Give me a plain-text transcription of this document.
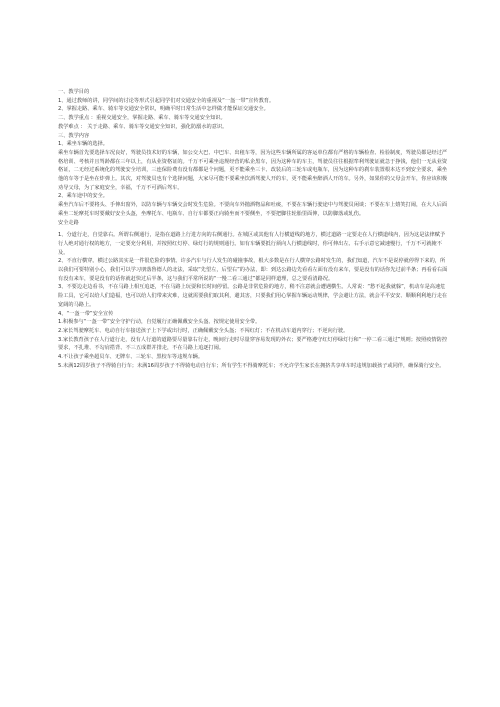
一、教学目的
1、通过教师的讲，同学间的讨论等形式引起同学们对交通安全的重视及“一盔一带”宣传教育。
2、掌握走路、乘车、骑车等交通安全常识，明确平时日常生活中怎样做才能保证交通安全。
二、教学重点 ：重视交通安全，掌握走路、乘车、骑车等交通安全知识。
教学难点 ： 关于走路、乘车、骑车等交通安全知识，强化防溺水的意识。
三、教学内容
1、乘坐车辆的选择。
乘坐车辆首先要选择车况良好，驾驶员技术好的车辆，如公交大巴、中巴车、出租车等，因为这些车辆所属的客运单位都有严格的车辆检查、检验制度，驾驶员都是经过严格培训、考核并且驾龄都在三年以上，有从业资格证的。千万不可乘坐违规经营的私企黑车，因为这种车的车主，驾驶员往往根据牟利驾驶证就急于挣钱，他们一无从业资格证，二无经过系统化的驾驶安全培训，三连保险费有没有都都是个问题，更不能乘坐三卡、改装后的三轮车或电瓶车，因为这种车的刹车装置根本达不到安全要求，乘坐他的车等于是坐在炸弹上。其次，对驾驶员也有个选择问题，大家尽可能不要乘坐饮酒驾驶人开的车，更不能乘坐醉酒人开的车。另外，如果你的父母会开车，你应该积极劝导父母，为了家庭安全，幸福，千万不可酒后驾车。
2、乘车途中的安全。
乘坐汽车后不要将头、手伸出窗外，以防车辆与车辆交会时发生危险。不要向车外抛洒物品和吐痰，不要在车辆行驶途中与驾驶员闲谈；不要在车上嬉笑打闹，在大人后面乘坐二轮摩托车时要戴好安全头盔，坐摩托车、电瓶车、自行车都要正向骑坐而不要侧坐，不要把脚往轮胎里面伸，以防脚落或轧伤。
安全走路
1、分道行走，自觉靠右。所谓右侧通行，是指在道路上行进方向的右侧通行。在城区或其他有人行横道线的地方，横过道路一定要走在人行横道线内，因为这是法律赋予行人绝对通行权的地方，一定要充分利用，并按照红灯停、绿灯行的规则通行。如有车辆要抵行须向人行横道线时，你可伸出左、右手示意它减速慢行，千万不可就掩不及。
2、不直行横穿。横过公路其实是一件很危险的事情。许多汽车与行人发生的碰撞事故，根大多数是在行人横穿公路时发生的，我们知道，汽车不是说停就停得下来的，所以我们可要特别小心，我们可以学习朋落鲁德人的北法，采取“先望左，后望右”的办法，即：到达公路边先看看左面有没有来车，要是没有的话你先过前半条；再看看右面有没有来车，要是没有的话你就赶快过后半条，这与我们平常所说的“一慢二看三通过”都是同样道理，总之要看清路况。
3、不要边走边看书，不在马路上相互追逐，不在马路上玩耍和长时间停留。公路是非常危险的地方，稍不注意就会遭遇横生。人常说：“愁不起我就躲”，机动车是高速危险工具，它可以给人们造福，也可以给人们带来灾难，这就需要我们取其利，避其害，只要我们用心掌握车辆运动规律，学会避让方法，就会平平安安、顺顺利利地行走在宽阔的马路上。
4、“一盔一带”安全宣传
1.积极参与“一盔一带”安全守护行动，自觉履行正确佩戴安全头盔、按规定使用安全带。
2.家长驾驶摩托车、电动自行车接送孩子上下学或出行时，正确佩戴安全头盔；不闯红灯；不在机动车道内穿行；不逆向行驶。
3.家长教育孩子在人行道行走，没有人行道的道路要尽量靠右行走，晚间行走时尽量穿容易发现的外衣；要严格遵守红灯停绿灯行和“一停二看三通过”规则；按照疫情防控要求，不扎堆、不勾肩搭背、不三五成群并排走，不在马路上追逐打闹。
4.不让孩子乘坐超员车、无牌车、三轮车、黑校车等违规车辆。
5.未满12周岁孩子不得骑自行车；未满16周岁孩子不得骑电动自行车；所有学生不得骑摩托车；不允许学生家长在拥挤共享单车时违规加载孩子或同伴，确保骑行安全。
